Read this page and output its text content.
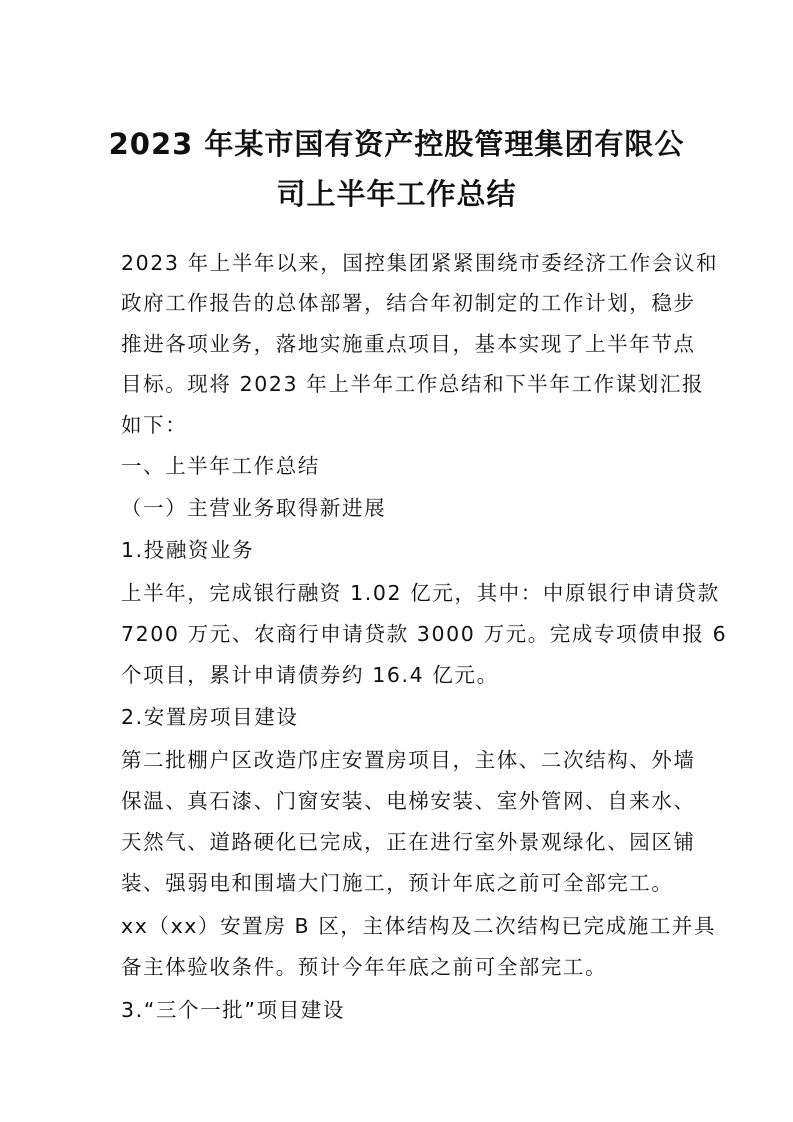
2023 年某市国有资产控股管理集团有限公
司上半年工作总结
2023 年上半年以来，国控集团紧紧围绕市委经济工作会议和
政府工作报告的总体部署，结合年初制定的工作计划，稳步
推进各项业务，落地实施重点项目，基本实现了上半年节点
目标。现将 2023 年上半年工作总结和下半年工作谋划汇报
如下：
一、上半年工作总结
（一）主营业务取得新进展
1.投融资业务
上半年，完成银行融资 1.02 亿元，其中：中原银行申请贷款
7200 万元、农商行申请贷款 3000 万元。完成专项债申报 6
个项目，累计申请债券约 16.4 亿元。
2.安置房项目建设
第二批棚户区改造邝庄安置房项目，主体、二次结构、外墙
保温、真石漆、门窗安装、电梯安装、室外管网、自来水、
天然气、道路硬化已完成，正在进行室外景观绿化、园区铺
装、强弱电和围墙大门施工，预计年底之前可全部完工。
xx（xx）安置房 B 区，主体结构及二次结构已完成施工并具
备主体验收条件。预计今年年底之前可全部完工。
3.“三个一批”项目建设
